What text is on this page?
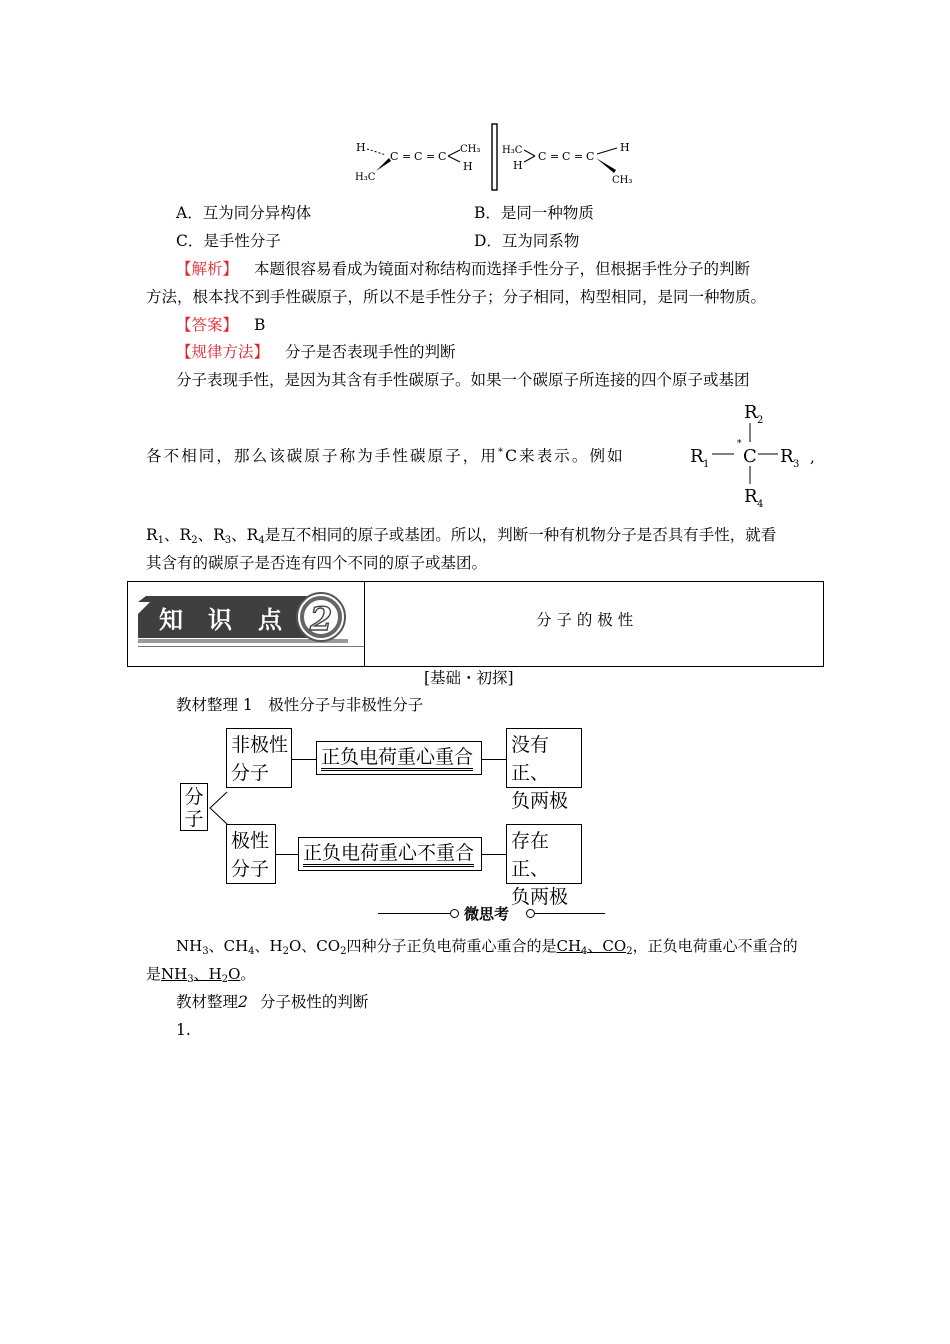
H
H₃C
C = C = C
CH₃
H
H₃C
H
C = C = C
H
CH₃
A．互为同分异构体	B．是同一种物质
C．是手性分子	D．互为同系物
【解析】 本题很容易看成为镜面对称结构而选择手性分子，但根据手性分子的判断
方法，根本找不到手性碳原子，所以不是手性分子；分子相同，构型相同，是同一种物质。
【答案】 B
【规律方法】 分子是否表现手性的判断
分子表现手性，是因为其含有手性碳原子。如果一个碳原子所连接的四个原子或基团
各不相同，那么该碳原子称为手性碳原子，用*C来表示。例如
R 2
R 1
*
C R 3 ,
R 4
$R_1$、$R_2$、$R_3$、$R_4$是互不相同的原子或基团。所以，判断一种有机物分子是否具有手性，就看
其含有的碳原子是否连有四个不同的原子或基团。
知 识 点 2	分 子 的 极 性
[基础・初探]
教材整理 1　极性分子与非极性分子
分
子
非极性
分子
正负电荷重心重合
没有正、
负两极
极性
分子
正负电荷重心不重合
存在正、
负两极
微思考
$NH_3$、$CH_4$、$H_2O$、$CO_2$四种分子正负电荷重心重合的是$CH_4$、$CO_2$，正负电荷重心不重合的
是$NH_3$、$H_2O$。
教材整理2 分子极性的判断
1.
